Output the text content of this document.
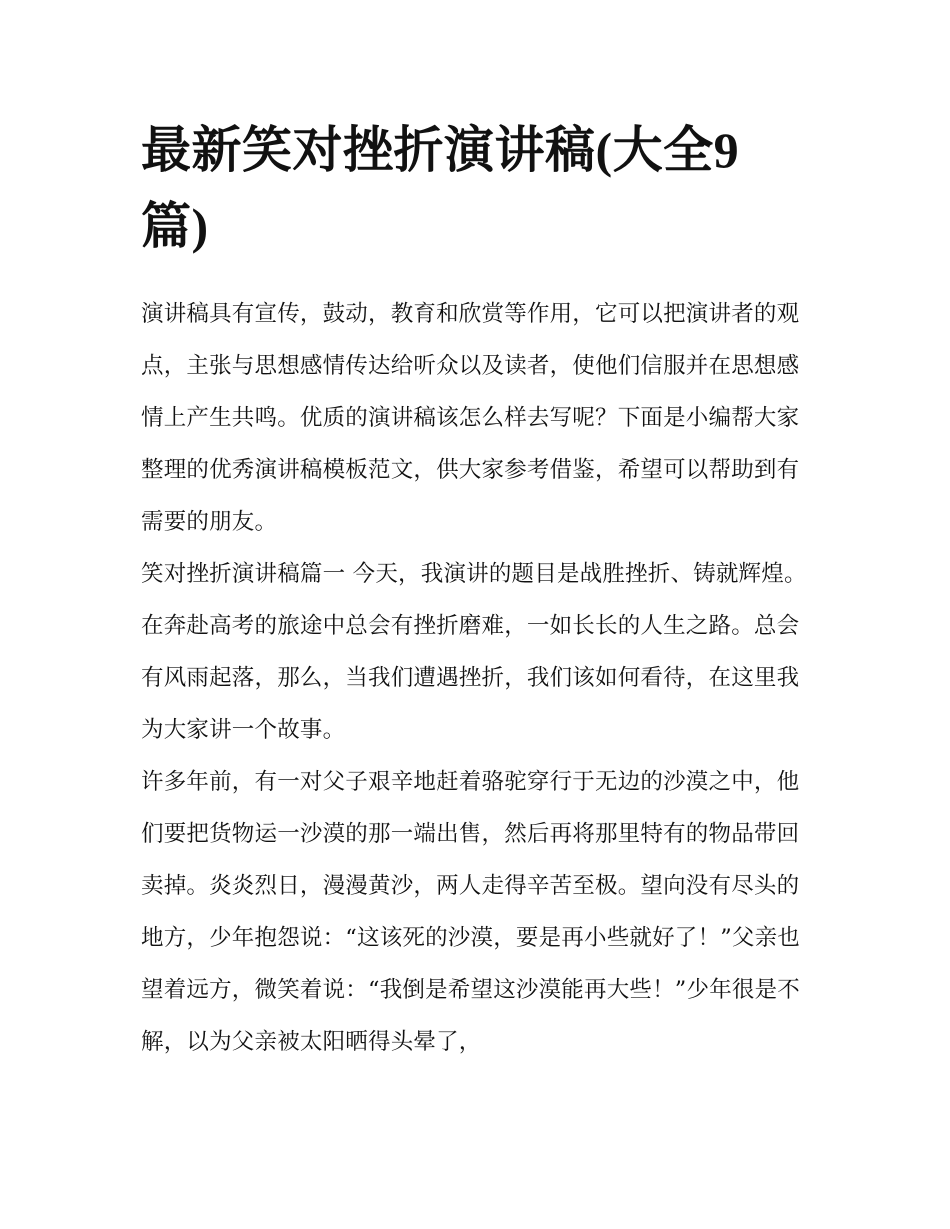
最新笑对挫折演讲稿(大全9篇)

演讲稿具有宣传，鼓动，教育和欣赏等作用，它可以把演讲者的观点，主张与思想感情传达给听众以及读者，使他们信服并在思想感情上产生共鸣。优质的演讲稿该怎么样去写呢？下面是小编帮大家整理的优秀演讲稿模板范文，供大家参考借鉴，希望可以帮助到有需要的朋友。

笑对挫折演讲稿篇一 今天，我演讲的题目是战胜挫折、铸就辉煌。

在奔赴高考的旅途中总会有挫折磨难，一如长长的人生之路。总会有风雨起落，那么，当我们遭遇挫折，我们该如何看待，在这里我为大家讲一个故事。

许多年前，有一对父子艰辛地赶着骆驼穿行于无边的沙漠之中，他们要把货物运一沙漠的那一端出售，然后再将那里特有的物品带回卖掉。炎炎烈日，漫漫黄沙，两人走得辛苦至极。望向没有尽头的地方，少年抱怨说：“这该死的沙漠，要是再小些就好了！”父亲也望着远方，微笑着说：“我倒是希望这沙漠能再大些！”少年很是不解，以为父亲被太阳晒得头晕了，
